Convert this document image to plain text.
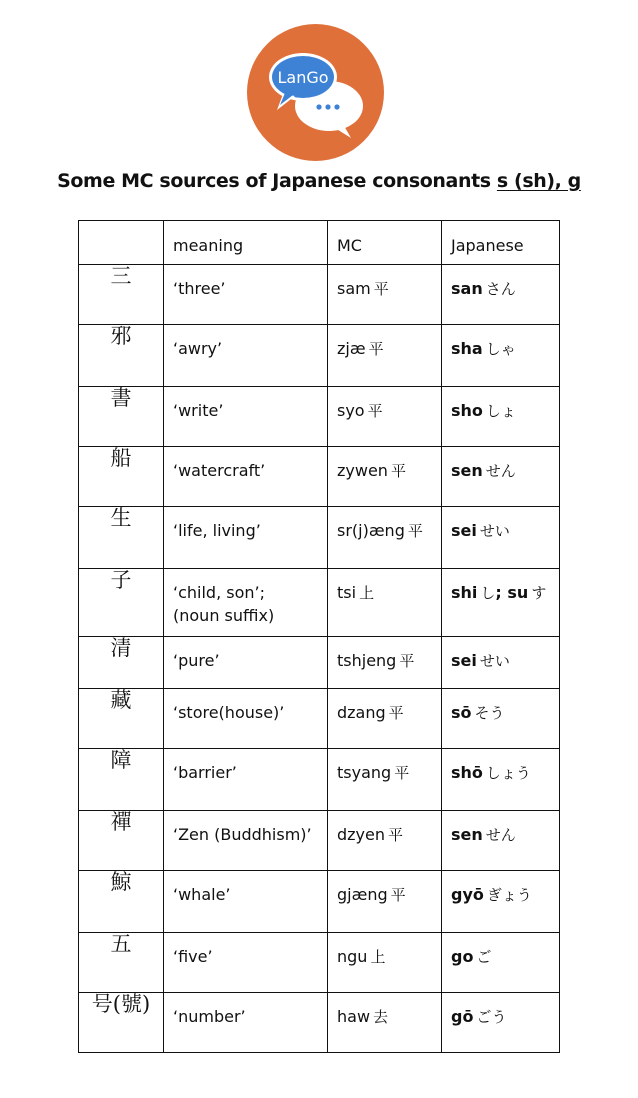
LanGo
Some MC sources of Japanese consonants s (sh), g

	meaning	MC	Japanese

三	‘three’	sam 平	san さん

邪	‘awry’	zjæ 平	sha しゃ

書	‘write’	syo 平	sho しょ

船	‘watercraft’	zywen 平	sen せん

生	‘life, living’	sr(j)æng 平	sei せい

子	‘child, son’;
(noun suffix)	tsi 上	shi し; su す

清	‘pure’	tshjeng 平	sei せい

藏	‘store(house)’	dzang 平	sō そう

障	‘barrier’	tsyang 平	shō しょう

禪	‘Zen (Buddhism)’	dzyen 平	sen せん

鯨	‘whale’	gjæng 平	gyō ぎょう

五	‘five’	ngu 上	go ご

号(號)	‘number’	haw 去	gō ごう
